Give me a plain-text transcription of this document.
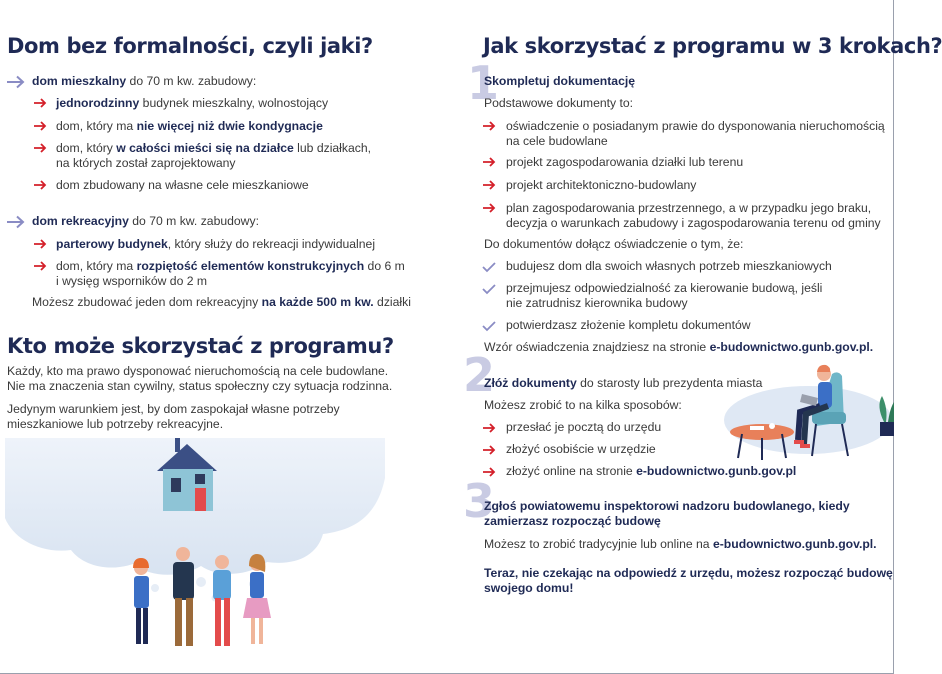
Dom bez formalności, czyli jaki?
dom mieszkalny do 70 m kw. zabudowy:
jednorodzinny budynek mieszkalny, wolnostojący
dom, który ma nie więcej niż dwie kondygnacje
dom, który w całości mieści się na działce lub działkach,
na których został zaprojektowany
dom zbudowany na własne cele mieszkaniowe
dom rekreacyjny do 70 m kw. zabudowy:
parterowy budynek, który służy do rekreacji indywidualnej
dom, który ma rozpiętość elementów konstrukcyjnych do 6 m
i wysięg wsporników do 2 m
Możesz zbudować jeden dom rekreacyjny na każde 500 m kw. działki
Kto może skorzystać z programu?
Każdy, kto ma prawo dysponować nieruchomością na cele budowlane.
Nie ma znaczenia stan cywilny, status społeczny czy sytuacja rodzinna.
Jedynym warunkiem jest, by dom zaspokajał własne potrzeby
mieszkaniowe lub potrzeby rekreacyjne.
Jak skorzystać z programu w 3 krokach?
1
Skompletuj dokumentację
Podstawowe dokumenty to:
oświadczenie o posiadanym prawie do dysponowania nieruchomością
na cele budowlane
projekt zagospodarowania działki lub terenu
projekt architektoniczno-budowlany
plan zagospodarowania przestrzennego, a w przypadku jego braku,
decyzja o warunkach zabudowy i zagospodarowania terenu od gminy
Do dokumentów dołącz oświadczenie o tym, że:
budujesz dom dla swoich własnych potrzeb mieszkaniowych
przejmujesz odpowiedzialność za kierowanie budową, jeśli
nie zatrudnisz kierownika budowy
potwierdzasz złożenie kompletu dokumentów
Wzór oświadczenia znajdziesz na stronie e-budownictwo.gunb.gov.pl.
2
Złóż dokumenty do starosty lub prezydenta miasta
Możesz zrobić to na kilka sposobów:
przesłać je pocztą do urzędu
złożyć osobiście w urzędzie
złożyć online na stronie e-budownictwo.gunb.gov.pl
3
Zgłoś powiatowemu inspektorowi nadzoru budowlanego, kiedy
zamierzasz rozpocząć budowę
Możesz to zrobić tradycyjnie lub online na e-budownictwo.gunb.gov.pl.
Teraz, nie czekając na odpowiedź z urzędu, możesz rozpocząć budowę
swojego domu!
